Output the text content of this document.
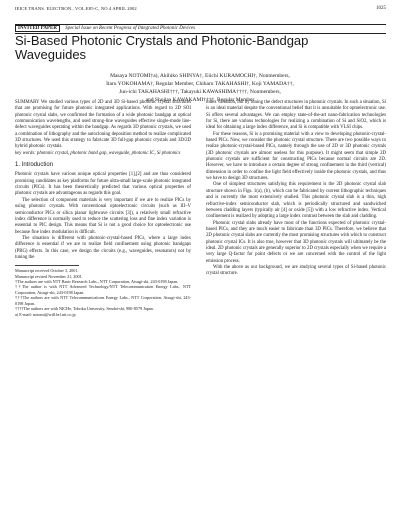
IEICE TRANS. ELECTRON., VOL.E85-C, NO.4 APRIL 2002	1025
INVITED PAPER Special Issue on Recent Progress of Integrated Photonic Devices
Si-Based Photonic Crystals and Photonic-Bandgap
Waveguides
Masaya NOTOMI†a), Akihiko SHINYA†, Eiichi KURAMOCHI†, Nonmembers,
Itaru YOKOHAMA†, Regular Member, Chiharu TAKAHASHI†, Koji YAMADA††,
Jun-ichi TAKAHASHI†††, Takayuki KAWASHIMA††††, Nonmembers,
and Shojiro KAWAKAMI††††, Regular Member

SUMMARY We studied various types of 2D and 3D Si-based photonic crystal structures that are promising for future photonic integrated applications. With regard to 2D SOI photonic crystal slabs, we confirmed the formation of a wide photonic bandgap at optical communication wavelengths, and used strong-line waveguides effective single-mode line-defect waveguides operating within the bandgap. As regards 3D photonic crystals, we used a combination of lithography and the autocloning deposition method to realize complicated 3D structures. We used this strategy to fabricate 3D full-gap photonic crystals and 3D/2D hybrid photonic crystals.

key words: photonic crystal, photonic band gap, waveguide, photonic IC, Si photonics

1. Introduction

Photonic crystals have various unique optical properties [1],[2] and are thus considered promising candidates as key platforms for future ultra-small large-scale photonic integrated circuits (PICs). It has been theoretically predicted that various optical properties of photonic crystals are advantageous as regards this goal.

The selection of component materials is very important if we are to realize PICs by using photonic crystals. With conventional optoelectronic circuits (such as III–V semiconductor PICs or silica planar lightwave circuits [3]), a relatively small refractive index difference is normally used to reduce the scattering loss and fine index variation is essential to PIC design. This means that Si is not a good choice for optoelectronic use because fine index modulation is difficult.

The situation is different with photonic-crystal-based PICs, where a large index difference is essential if we are to realize field confinement using photonic bandgaps (PBG) effects. In this case, we design the circuits (e.g., waveguides, resonators) not by tuning the

Manuscript received October 3, 2001.

Manuscript revised November 21, 2001.

†The authors are with NTT Basic Research Labs., NTT Corporation, Atsugi-shi, 243-0198 Japan.

††The author is with NTT Advanced Technology/NTT Telecommunication Energy Labs., NTT Corporation, Atsugi-shi, 243-0198 Japan.

†††The authors are with NTT Telecommunications Energy Labs., NTT Corporation, Atsugi-shi, 243-0198 Japan.

††††The authors are with NICHe, Tohoku University, Sendai-shi, 980-8579 Japan.

a) E-mail: notomi@will.brl.ntt.co.jp

index variation, but by tuning the defect structures in photonic crystals. In such a situation, Si is an ideal material despite the conventional belief that it is unsuitable for optoelectronic use. Si offers several advantages. We can employ state-of-the-art nano-fabrication technologies for Si, there are various technologies for realizing a combination of Si and SiO2, which is ideal for obtaining a large index difference, and Si is compatible with VLSI chips.

For these reasons, Si is a promising material with a view to developing photonic-crystal-based PICs. Now, we consider the photonic crystal structure. There are two possible ways to realize photonic-crystal-based PICs, namely through the use of 2D or 3D photonic crystals (3D photonic crystals are almost useless for this purpose). It might seem that simple 2D photonic crystals are sufficient for constructing PICs because normal circuits are 2D. However, we have to introduce a certain degree of strong confinement in the third (vertical) dimension in order to confine the light field effectively inside the photonic crystals, and thus we have to design 3D structures.

One of simplest structures satisfying this requirement is the 2D photonic crystal slab structure shown in Figs. 1(a), (b), which can be fabricated by current lithographic techniques and is currently the most extensively studied. This photonic crystal slab is a thin, high refractive-index semiconductor slab, which is periodically structured and sandwiched between cladding layers (typically air [4] or oxide [5]) with a low refractive index. Vertical confinement is realized by adopting a large index contrast between the slab and cladding.

Photonic crystal slabs already have most of the functions expected of photonic crystal-based PICs, and they are much easier to fabricate than 3D PICs. Therefore, we believe that 2D photonic crystal slabs are currently the most promising structures with which to construct photonic crystal ICs. It is also true, however that 3D photonic crystals will ultimately be the ideal. 2D photonic crystals are generally superior to 2D crystals especially when we require a very large Q-factor for point defects or we are concerned with the control of the light emission process.

With the above as our background, we are studying several types of Si-based photonic crystal structure.
